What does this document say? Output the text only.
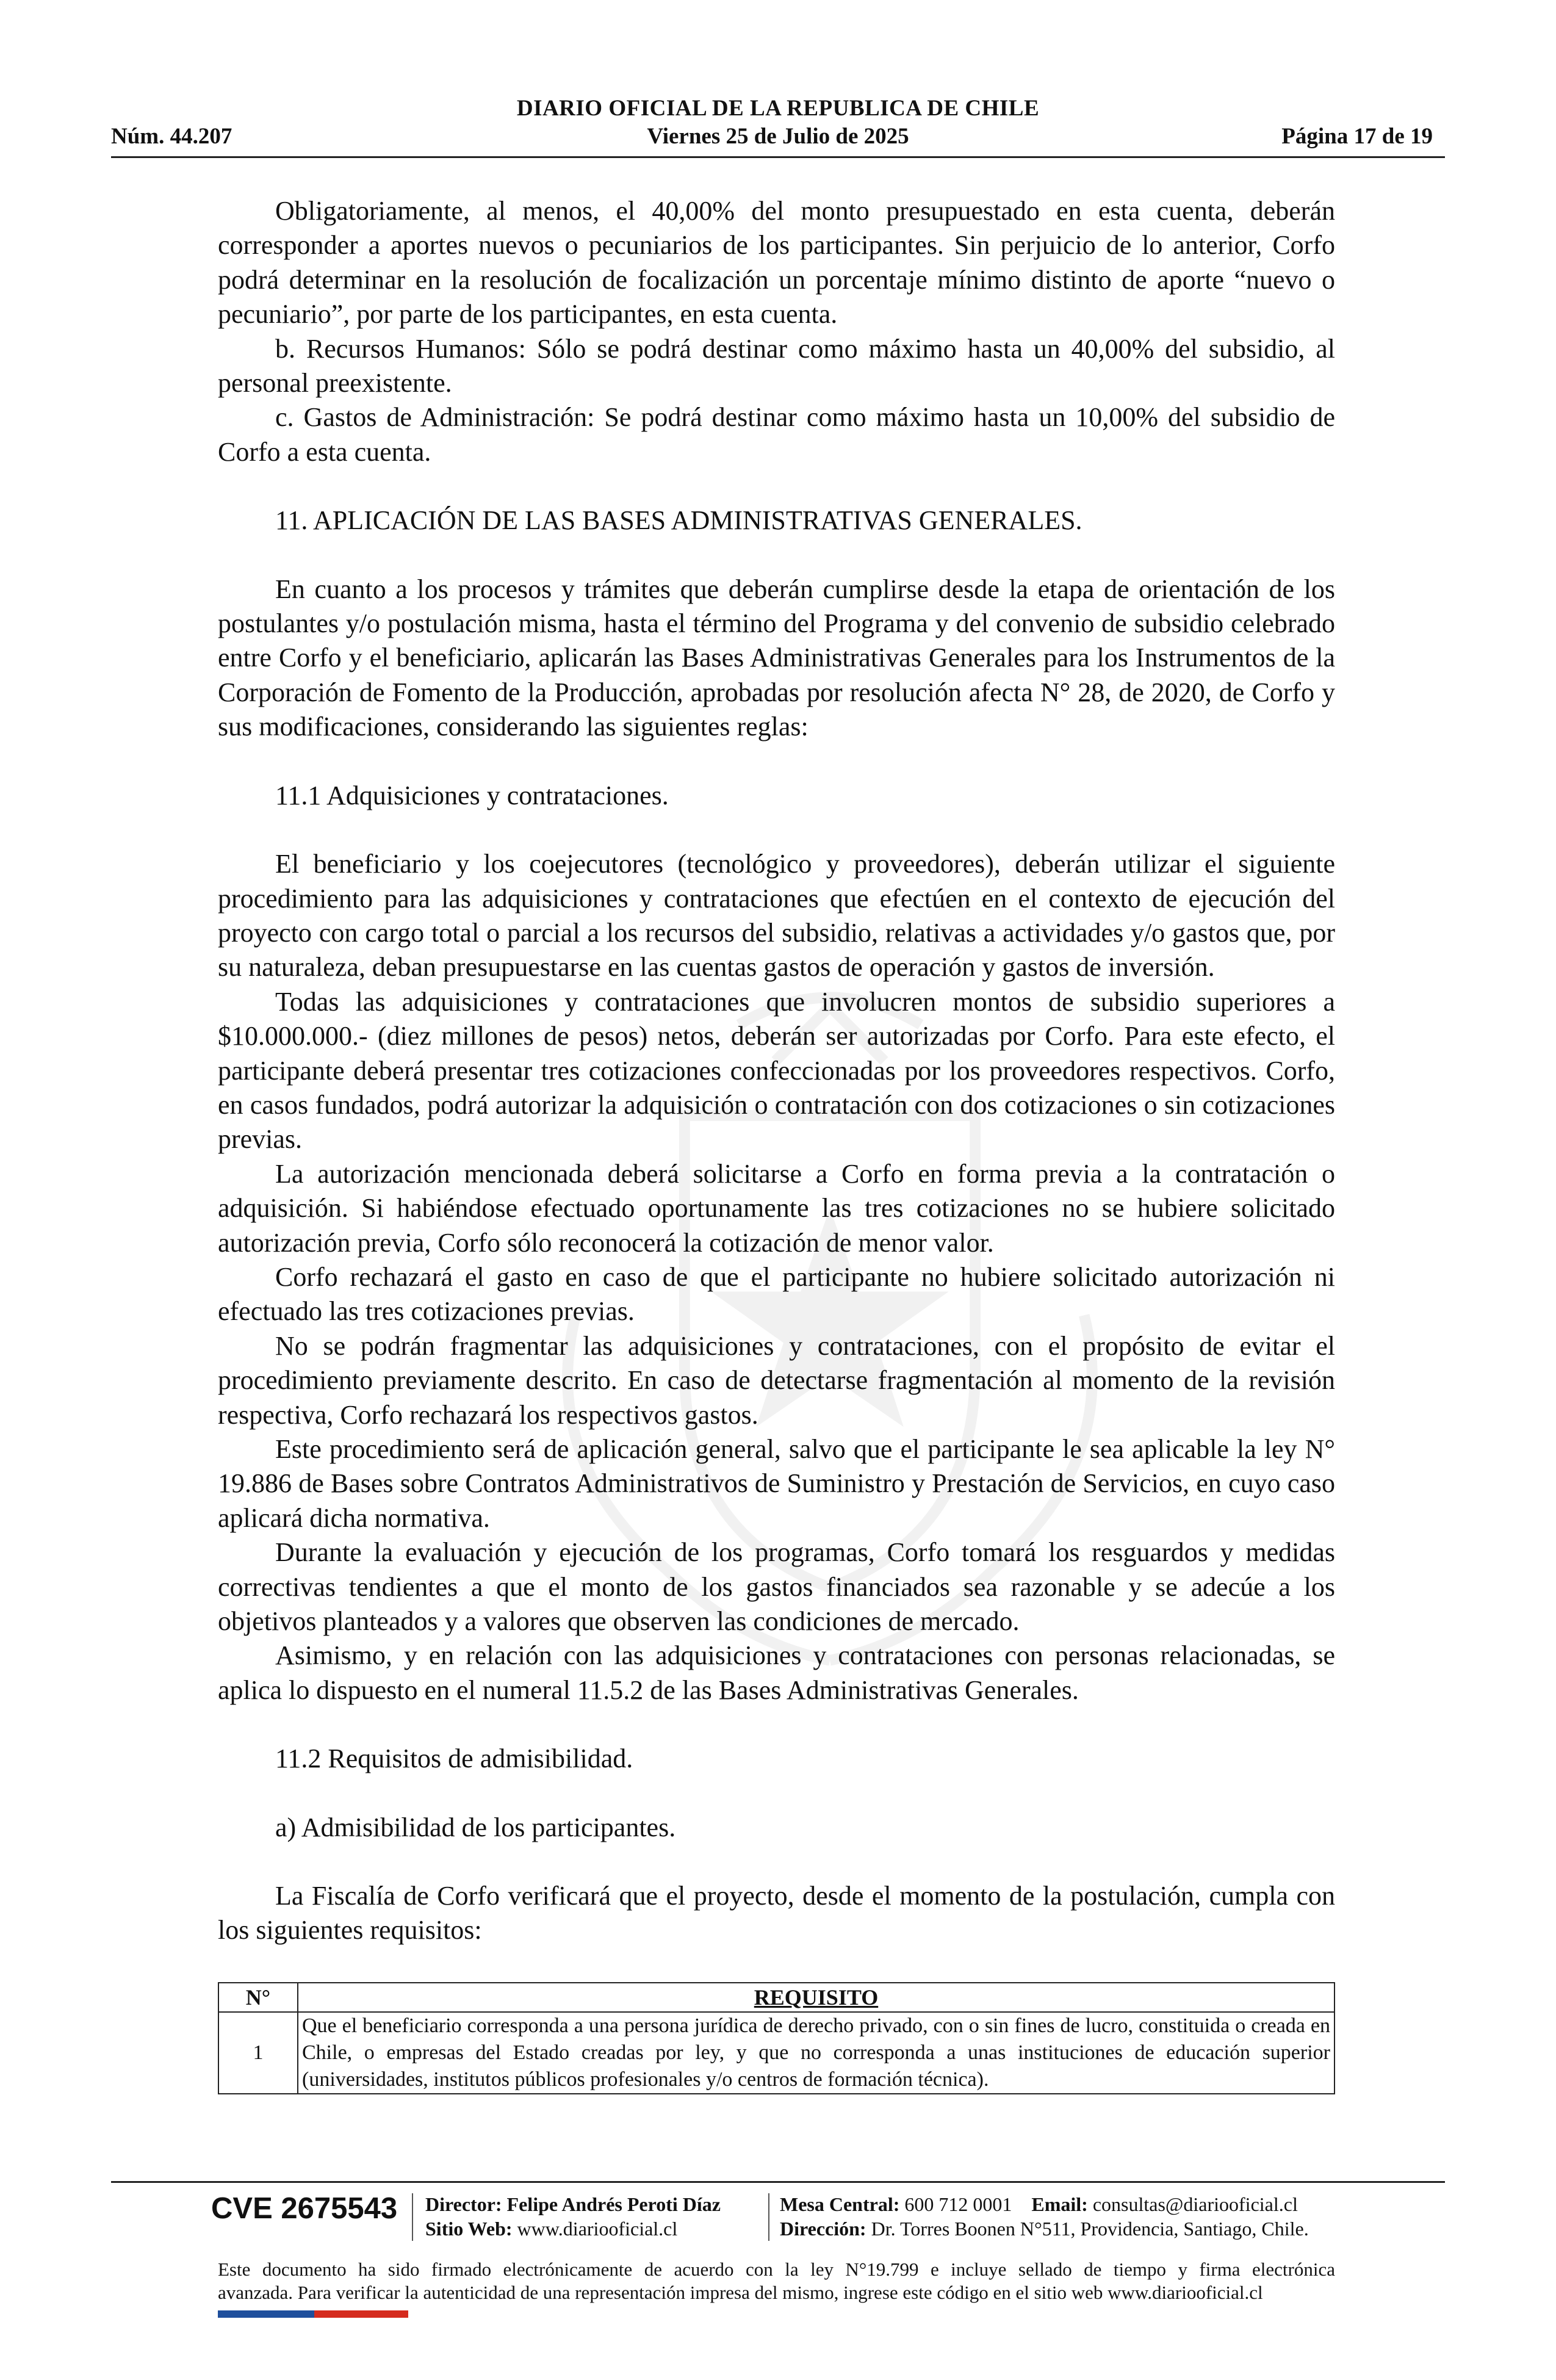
DIARIO OFICIAL DE LA REPUBLICA DE CHILE
Núm. 44.207	Viernes 25 de Julio de 2025	Página 17 de 19

Obligatoriamente, al menos, el 40,00% del monto presupuestado en esta cuenta, deberán corresponder a aportes nuevos o pecuniarios de los participantes. Sin perjuicio de lo anterior, Corfo podrá determinar en la resolución de focalización un porcentaje mínimo distinto de aporte “nuevo o pecuniario”, por parte de los participantes, en esta cuenta.

b. Recursos Humanos: Sólo se podrá destinar como máximo hasta un 40,00% del subsidio, al personal preexistente.

c. Gastos de Administración: Se podrá destinar como máximo hasta un 10,00% del subsidio de Corfo a esta cuenta.

11. APLICACIÓN DE LAS BASES ADMINISTRATIVAS GENERALES.

En cuanto a los procesos y trámites que deberán cumplirse desde la etapa de orientación de los postulantes y/o postulación misma, hasta el término del Programa y del convenio de subsidio celebrado entre Corfo y el beneficiario, aplicarán las Bases Administrativas Generales para los Instrumentos de la Corporación de Fomento de la Producción, aprobadas por resolución afecta N° 28, de 2020, de Corfo y sus modificaciones, considerando las siguientes reglas:

11.1 Adquisiciones y contrataciones.

El beneficiario y los coejecutores (tecnológico y proveedores), deberán utilizar el siguiente procedimiento para las adquisiciones y contrataciones que efectúen en el contexto de ejecución del proyecto con cargo total o parcial a los recursos del subsidio, relativas a actividades y/o gastos que, por su naturaleza, deban presupuestarse en las cuentas gastos de operación y gastos de inversión.

Todas las adquisiciones y contrataciones que involucren montos de subsidio superiores a $10.000.000.- (diez millones de pesos) netos, deberán ser autorizadas por Corfo. Para este efecto, el participante deberá presentar tres cotizaciones confeccionadas por los proveedores respectivos. Corfo, en casos fundados, podrá autorizar la adquisición o contratación con dos cotizaciones o sin cotizaciones previas.

La autorización mencionada deberá solicitarse a Corfo en forma previa a la contratación o adquisición. Si habiéndose efectuado oportunamente las tres cotizaciones no se hubiere solicitado autorización previa, Corfo sólo reconocerá la cotización de menor valor.

Corfo rechazará el gasto en caso de que el participante no hubiere solicitado autorización ni efectuado las tres cotizaciones previas.

No se podrán fragmentar las adquisiciones y contrataciones, con el propósito de evitar el procedimiento previamente descrito. En caso de detectarse fragmentación al momento de la revisión respectiva, Corfo rechazará los respectivos gastos.

Este procedimiento será de aplicación general, salvo que el participante le sea aplicable la ley N° 19.886 de Bases sobre Contratos Administrativos de Suministro y Prestación de Servicios, en cuyo caso aplicará dicha normativa.

Durante la evaluación y ejecución de los programas, Corfo tomará los resguardos y medidas correctivas tendientes a que el monto de los gastos financiados sea razonable y se adecúe a los objetivos planteados y a valores que observen las condiciones de mercado.

Asimismo, y en relación con las adquisiciones y contrataciones con personas relacionadas, se aplica lo dispuesto en el numeral 11.5.2 de las Bases Administrativas Generales.

11.2 Requisitos de admisibilidad.

a) Admisibilidad de los participantes.

La Fiscalía de Corfo verificará que el proyecto, desde el momento de la postulación, cumpla con los siguientes requisitos:

N°	REQUISITO
1	Que el beneficiario corresponda a una persona jurídica de derecho privado, con o sin fines de lucro, constituida o creada en Chile, o empresas del Estado creadas por ley, y que no corresponda a unas instituciones de educación superior (universidades, institutos públicos profesionales y/o centros de formación técnica).
CVE 2675543 Director: Felipe Andrés Peroti Díaz
Sitio Web: www.diariooficial.cl
Mesa Central: 600 712 0001 Email: consultas@diariooficial.cl
Dirección: Dr. Torres Boonen N°511, Providencia, Santiago, Chile.
Este documento ha sido firmado electrónicamente de acuerdo con la ley N°19.799 e incluye sellado de tiempo y firma electrónica
avanzada. Para verificar la autenticidad de una representación impresa del mismo, ingrese este código en el sitio web www.diariooficial.cl
